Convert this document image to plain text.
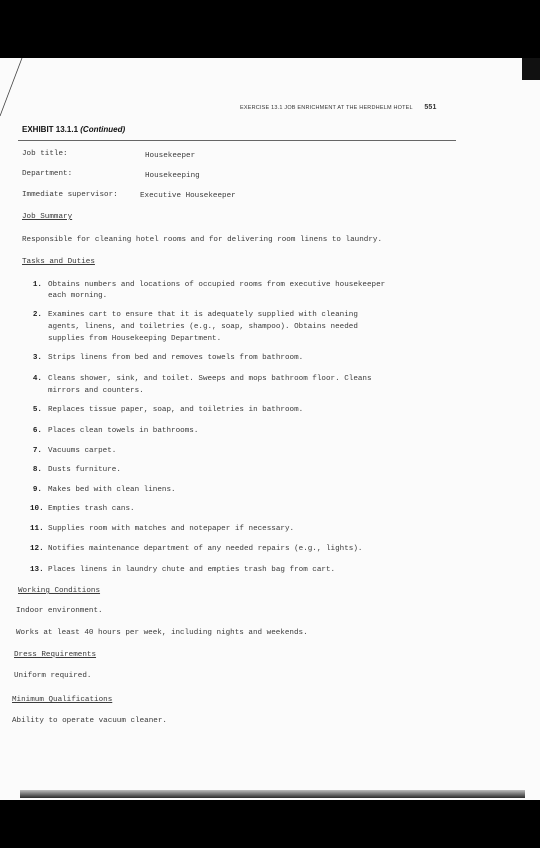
EXERCISE 13.1 JOB ENRICHMENT AT THE HERDHELM HOTEL 551
EXHIBIT 13.1.1 (Continued)
Job title:	Housekeeper
Department:	Housekeeping
Immediate supervisor:	Executive Housekeeper
Job Summary
Responsible for cleaning hotel rooms and for delivering room linens to laundry.
Tasks and Duties
1. Obtains numbers and locations of occupied rooms from executive housekeeper
each morning.
2. Examines cart to ensure that it is adequately supplied with cleaning
agents, linens, and toiletries (e.g., soap, shampoo). Obtains needed
supplies from Housekeeping Department.
3. Strips linens from bed and removes towels from bathroom.
4. Cleans shower, sink, and toilet. Sweeps and mops bathroom floor. Cleans
mirrors and counters.
5. Replaces tissue paper, soap, and toiletries in bathroom.
6. Places clean towels in bathrooms.
7. Vacuums carpet.
8. Dusts furniture.
9. Makes bed with clean linens.
10. Empties trash cans.
11. Supplies room with matches and notepaper if necessary.
12. Notifies maintenance department of any needed repairs (e.g., lights).
13. Places linens in laundry chute and empties trash bag from cart.
Working Conditions
Indoor environment.
Works at least 40 hours per week, including nights and weekends.
Dress Requirements
Uniform required.
Minimum Qualifications
Ability to operate vacuum cleaner.
